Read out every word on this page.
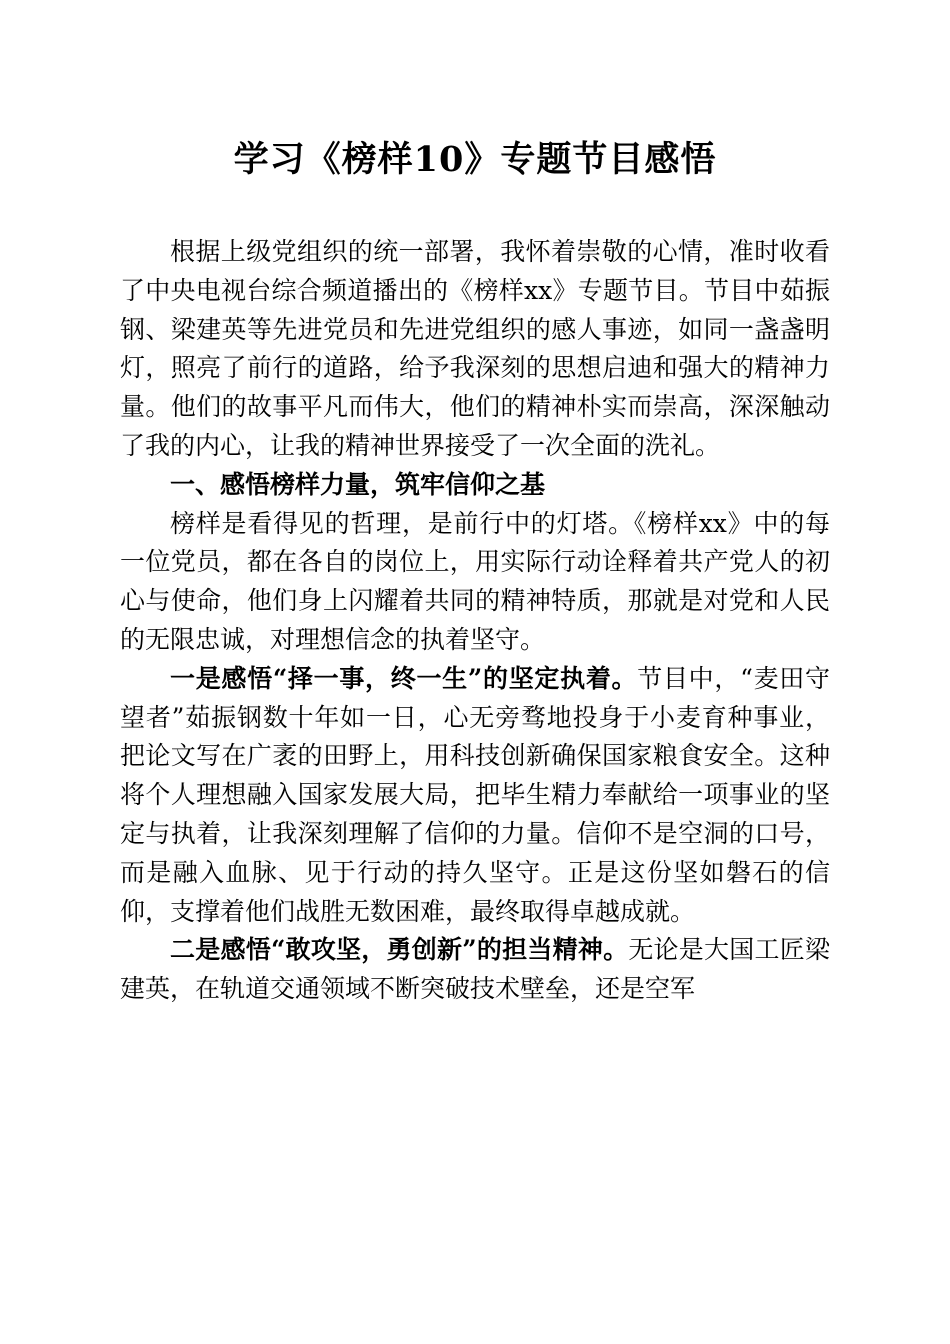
学习《榜样10》专题节目感悟

根据上级党组织的统一部署，我怀着崇敬的心情，准时收看了中央电视台综合频道播出的《榜样xx》专题节目。节目中茹振钢、梁建英等先进党员和先进党组织的感人事迹，如同一盏盏明灯，照亮了前行的道路，给予我深刻的思想启迪和强大的精神力量。他们的故事平凡而伟大，他们的精神朴实而崇高，深深触动了我的内心，让我的精神世界接受了一次全面的洗礼。

一、感悟榜样力量，筑牢信仰之基

榜样是看得见的哲理，是前行中的灯塔。《榜样xx》中的每一位党员，都在各自的岗位上，用实际行动诠释着共产党人的初心与使命，他们身上闪耀着共同的精神特质，那就是对党和人民的无限忠诚，对理想信念的执着坚守。

一是感悟“择一事，终一生”的坚定执着。节目中，“麦田守望者”茹振钢数十年如一日，心无旁骛地投身于小麦育种事业，把论文写在广袤的田野上，用科技创新确保国家粮食安全。这种将个人理想融入国家发展大局，把毕生精力奉献给一项事业的坚定与执着，让我深刻理解了信仰的力量。信仰不是空洞的口号，而是融入血脉、见于行动的持久坚守。正是这份坚如磐石的信仰，支撑着他们战胜无数困难，最终取得卓越成就。

二是感悟“敢攻坚，勇创新”的担当精神。无论是大国工匠梁建英，在轨道交通领域不断突破技术壁垒，还是空军
